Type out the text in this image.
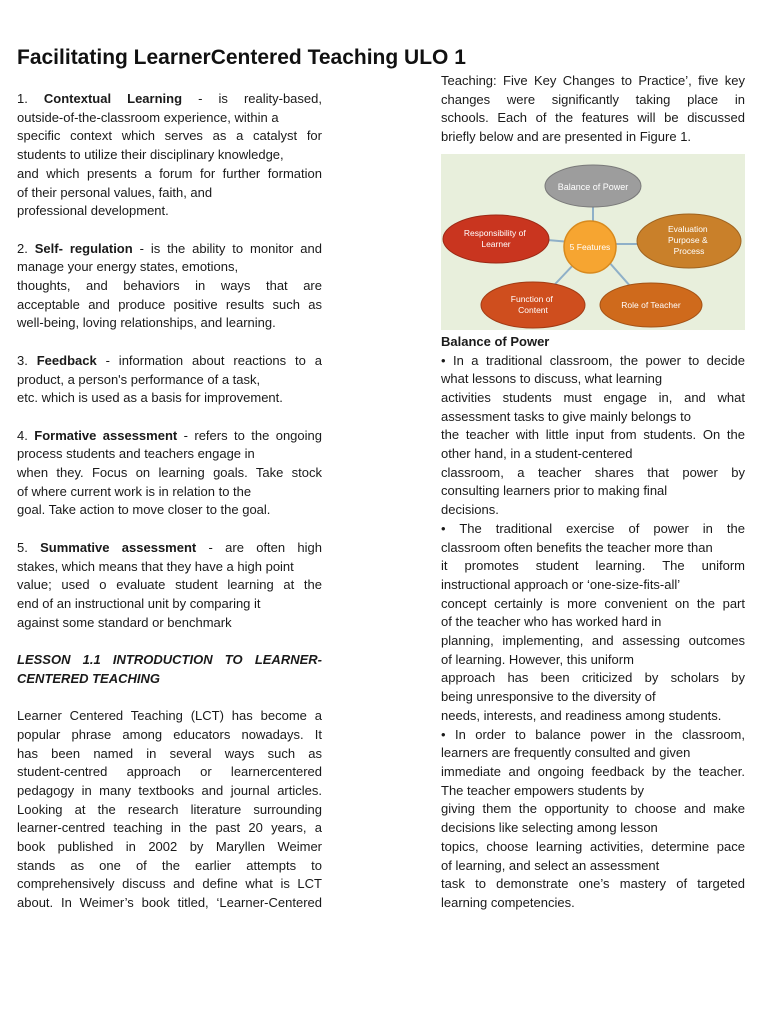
Facilitating LearnerCentered Teaching ULO 1
1. Contextual Learning - is reality-based,
outside-of-the-classroom experience, within a
specific context which serves as a catalyst for
students to utilize their disciplinary knowledge,
and which presents a forum for further formation
of their personal values, faith, and
professional development.
2. Self- regulation - is the ability to monitor and
manage your energy states, emotions,
thoughts, and behaviors in ways that are
acceptable and produce positive results such as
well-being, loving relationships, and learning.
3. Feedback - information about reactions to a
product, a person's performance of a task,
etc. which is used as a basis for improvement.
4. Formative assessment - refers to the ongoing
process students and teachers engage in
when they. Focus on learning goals. Take stock
of where current work is in relation to the
goal. Take action to move closer to the goal.
5. Summative assessment - are often high
stakes, which means that they have a high point
value; used o evaluate student learning at the
end of an instructional unit by comparing it
against some standard or benchmark
LESSON 1.1 INTRODUCTION TO LEARNER-
CENTERED TEACHING
Learner Centered Teaching (LCT) has become a
popular phrase among educators nowadays. It
has been named in several ways such as
student-centred approach or learnercentered
pedagogy in many textbooks and journal articles.
Looking at the research literature surrounding
learner-centred teaching in the past 20 years, a
book published in 2002 by Maryllen Weimer
stands as one of the earlier attempts to
comprehensively discuss and define what is LCT
about. In Weimer’s book titled, ‘Learner-Centered
Teaching: Five Key Changes to Practice’, five key
changes were significantly taking place in
schools. Each of the features will be discussed
briefly below and are presented in Figure 1.
Balance of Power
Responsibility of Learner
Evaluation Purpose & Process
Function of Content	Role of Teacher
5 Features
Balance of Power
• In a traditional classroom, the power to decide
what lessons to discuss, what learning
activities students must engage in, and what
assessment tasks to give mainly belongs to
the teacher with little input from students. On the
other hand, in a student-centered
classroom, a teacher shares that power by
consulting learners prior to making final
decisions.
• The traditional exercise of power in the
classroom often benefits the teacher more than
it promotes student learning. The uniform
instructional approach or ‘one-size-fits-all’
concept certainly is more convenient on the part
of the teacher who has worked hard in
planning, implementing, and assessing outcomes
of learning. However, this uniform
approach has been criticized by scholars by
being unresponsive to the diversity of
needs, interests, and readiness among students.
• In order to balance power in the classroom,
learners are frequently consulted and given
immediate and ongoing feedback by the teacher.
The teacher empowers students by
giving them the opportunity to choose and make
decisions like selecting among lesson
topics, choose learning activities, determine pace
of learning, and select an assessment
task to demonstrate one’s mastery of targeted
learning competencies.
